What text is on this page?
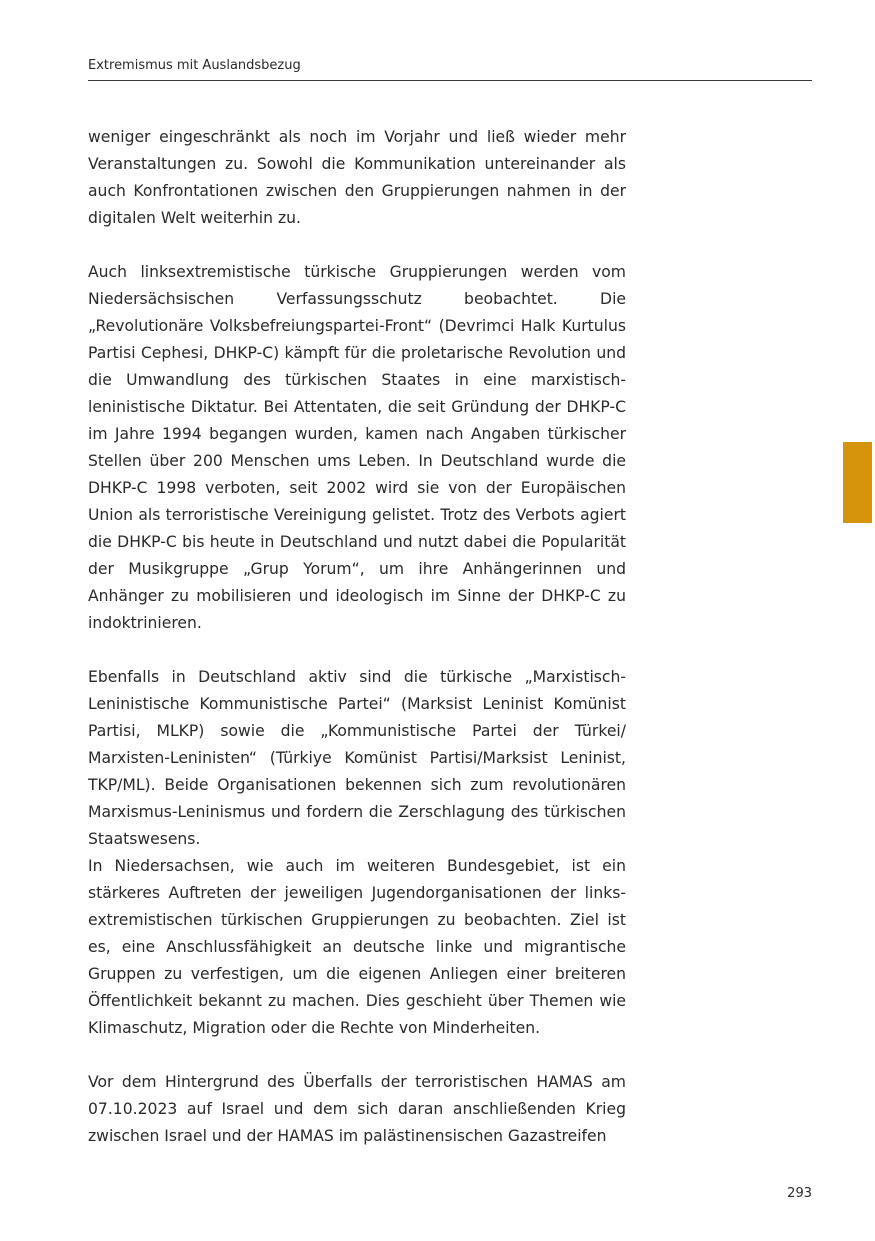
Extremismus mit Auslandsbezug

weniger eingeschränkt als noch im Vorjahr und ließ wieder mehr Veranstaltungen zu. Sowohl die Kommunikation untereinander als auch Konfrontationen zwischen den Gruppierungen nahmen in der digitalen Welt weiterhin zu.

Auch linksextremistische türkische Gruppierungen werden vom Niedersächsischen Verfassungsschutz beobachtet. Die „Revolutionäre Volksbefreiungspartei-Front“ (Devrimci Halk Kurtulus Partisi Cephesi, DHKP-C) kämpft für die proletarische Revolution und die Umwandlung des türkischen Staates in eine marxistisch-leninistische Diktatur. Bei Attentaten, die seit Gründung der DHKP-C im Jahre 1994 begangen wurden, kamen nach Angaben türkischer Stellen über 200 Menschen ums Leben. In Deutschland wurde die DHKP-C 1998 verboten, seit 2002 wird sie von der Europäischen Union als terroristische Vereinigung gelistet. Trotz des Verbots agiert die DHKP-C bis heute in Deutschland und nutzt dabei die Popularität der Musikgruppe „Grup Yorum“, um ihre Anhängerinnen und Anhänger zu mobilisieren und ideologisch im Sinne der DHKP-C zu indoktrinieren.

Ebenfalls in Deutschland aktiv sind die türkische „Marxistisch-Leninistische Kommunistische Partei“ (Marksist Leninist Komünist Partisi, MLKP) sowie die „Kommunistische Partei der Türkei/ Marxisten-Leninisten“ (Türkiye Komünist Partisi/Marksist Leninist, TKP/ML). Beide Organisationen bekennen sich zum revolutionären Marxismus-Leninismus und fordern die Zerschlagung des türkischen Staatswesens.

In Niedersachsen, wie auch im weiteren Bundesgebiet, ist ein stärkeres Auftreten der jeweiligen Jugendorganisationen der links-extremistischen türkischen Gruppierungen zu beobachten. Ziel ist es, eine Anschlussfähigkeit an deutsche linke und migrantische Gruppen zu verfestigen, um die eigenen Anliegen einer breiteren Öffentlichkeit bekannt zu machen. Dies geschieht über Themen wie Klimaschutz, Migration oder die Rechte von Minderheiten.

Vor dem Hintergrund des Überfalls der terroristischen HAMAS am 07.10.2023 auf Israel und dem sich daran anschließenden Krieg zwischen Israel und der HAMAS im palästinensischen Gazastreifen

293
